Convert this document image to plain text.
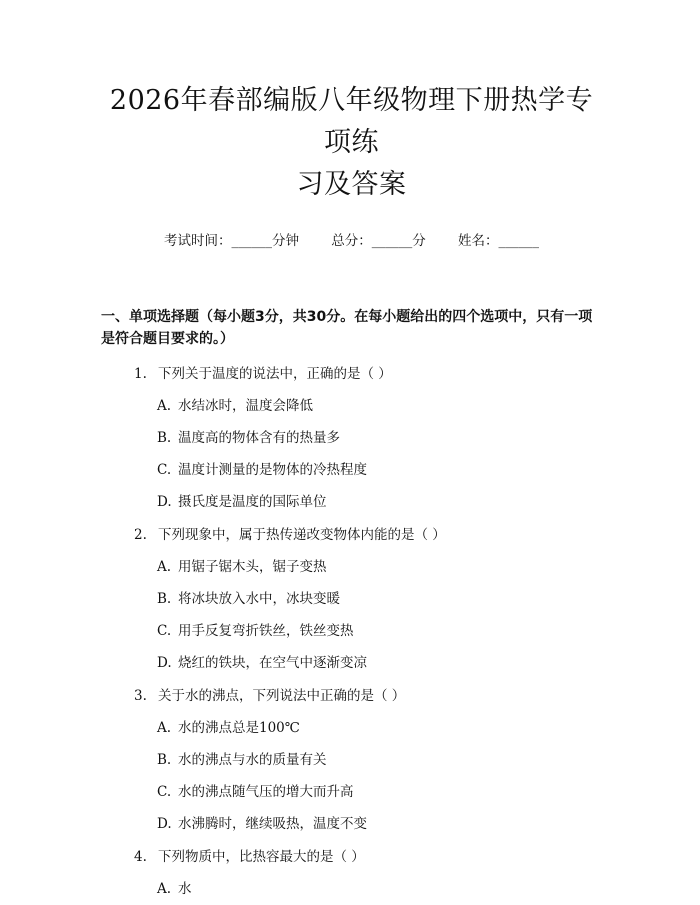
2026年春部编版八年级物理下册热学专项练
习及答案
考试时间：______分钟 总分：______分 姓名：______
一、单项选择题（每小题3分，共30分。在每小题给出的四个选项中，只有一项
是符合题目要求的。）
1. 下列关于温度的说法中，正确的是（ ）
A. 水结冰时，温度会降低
B. 温度高的物体含有的热量多
C. 温度计测量的是物体的冷热程度
D. 摄氏度是温度的国际单位
2. 下列现象中，属于热传递改变物体内能的是（ ）
A. 用锯子锯木头，锯子变热
B. 将冰块放入水中，冰块变暖
C. 用手反复弯折铁丝，铁丝变热
D. 烧红的铁块，在空气中逐渐变凉
3. 关于水的沸点，下列说法中正确的是（ ）
A. 水的沸点总是100℃
B. 水的沸点与水的质量有关
C. 水的沸点随气压的增大而升高
D. 水沸腾时，继续吸热，温度不变
4. 下列物质中，比热容最大的是（ ）
A. 水
